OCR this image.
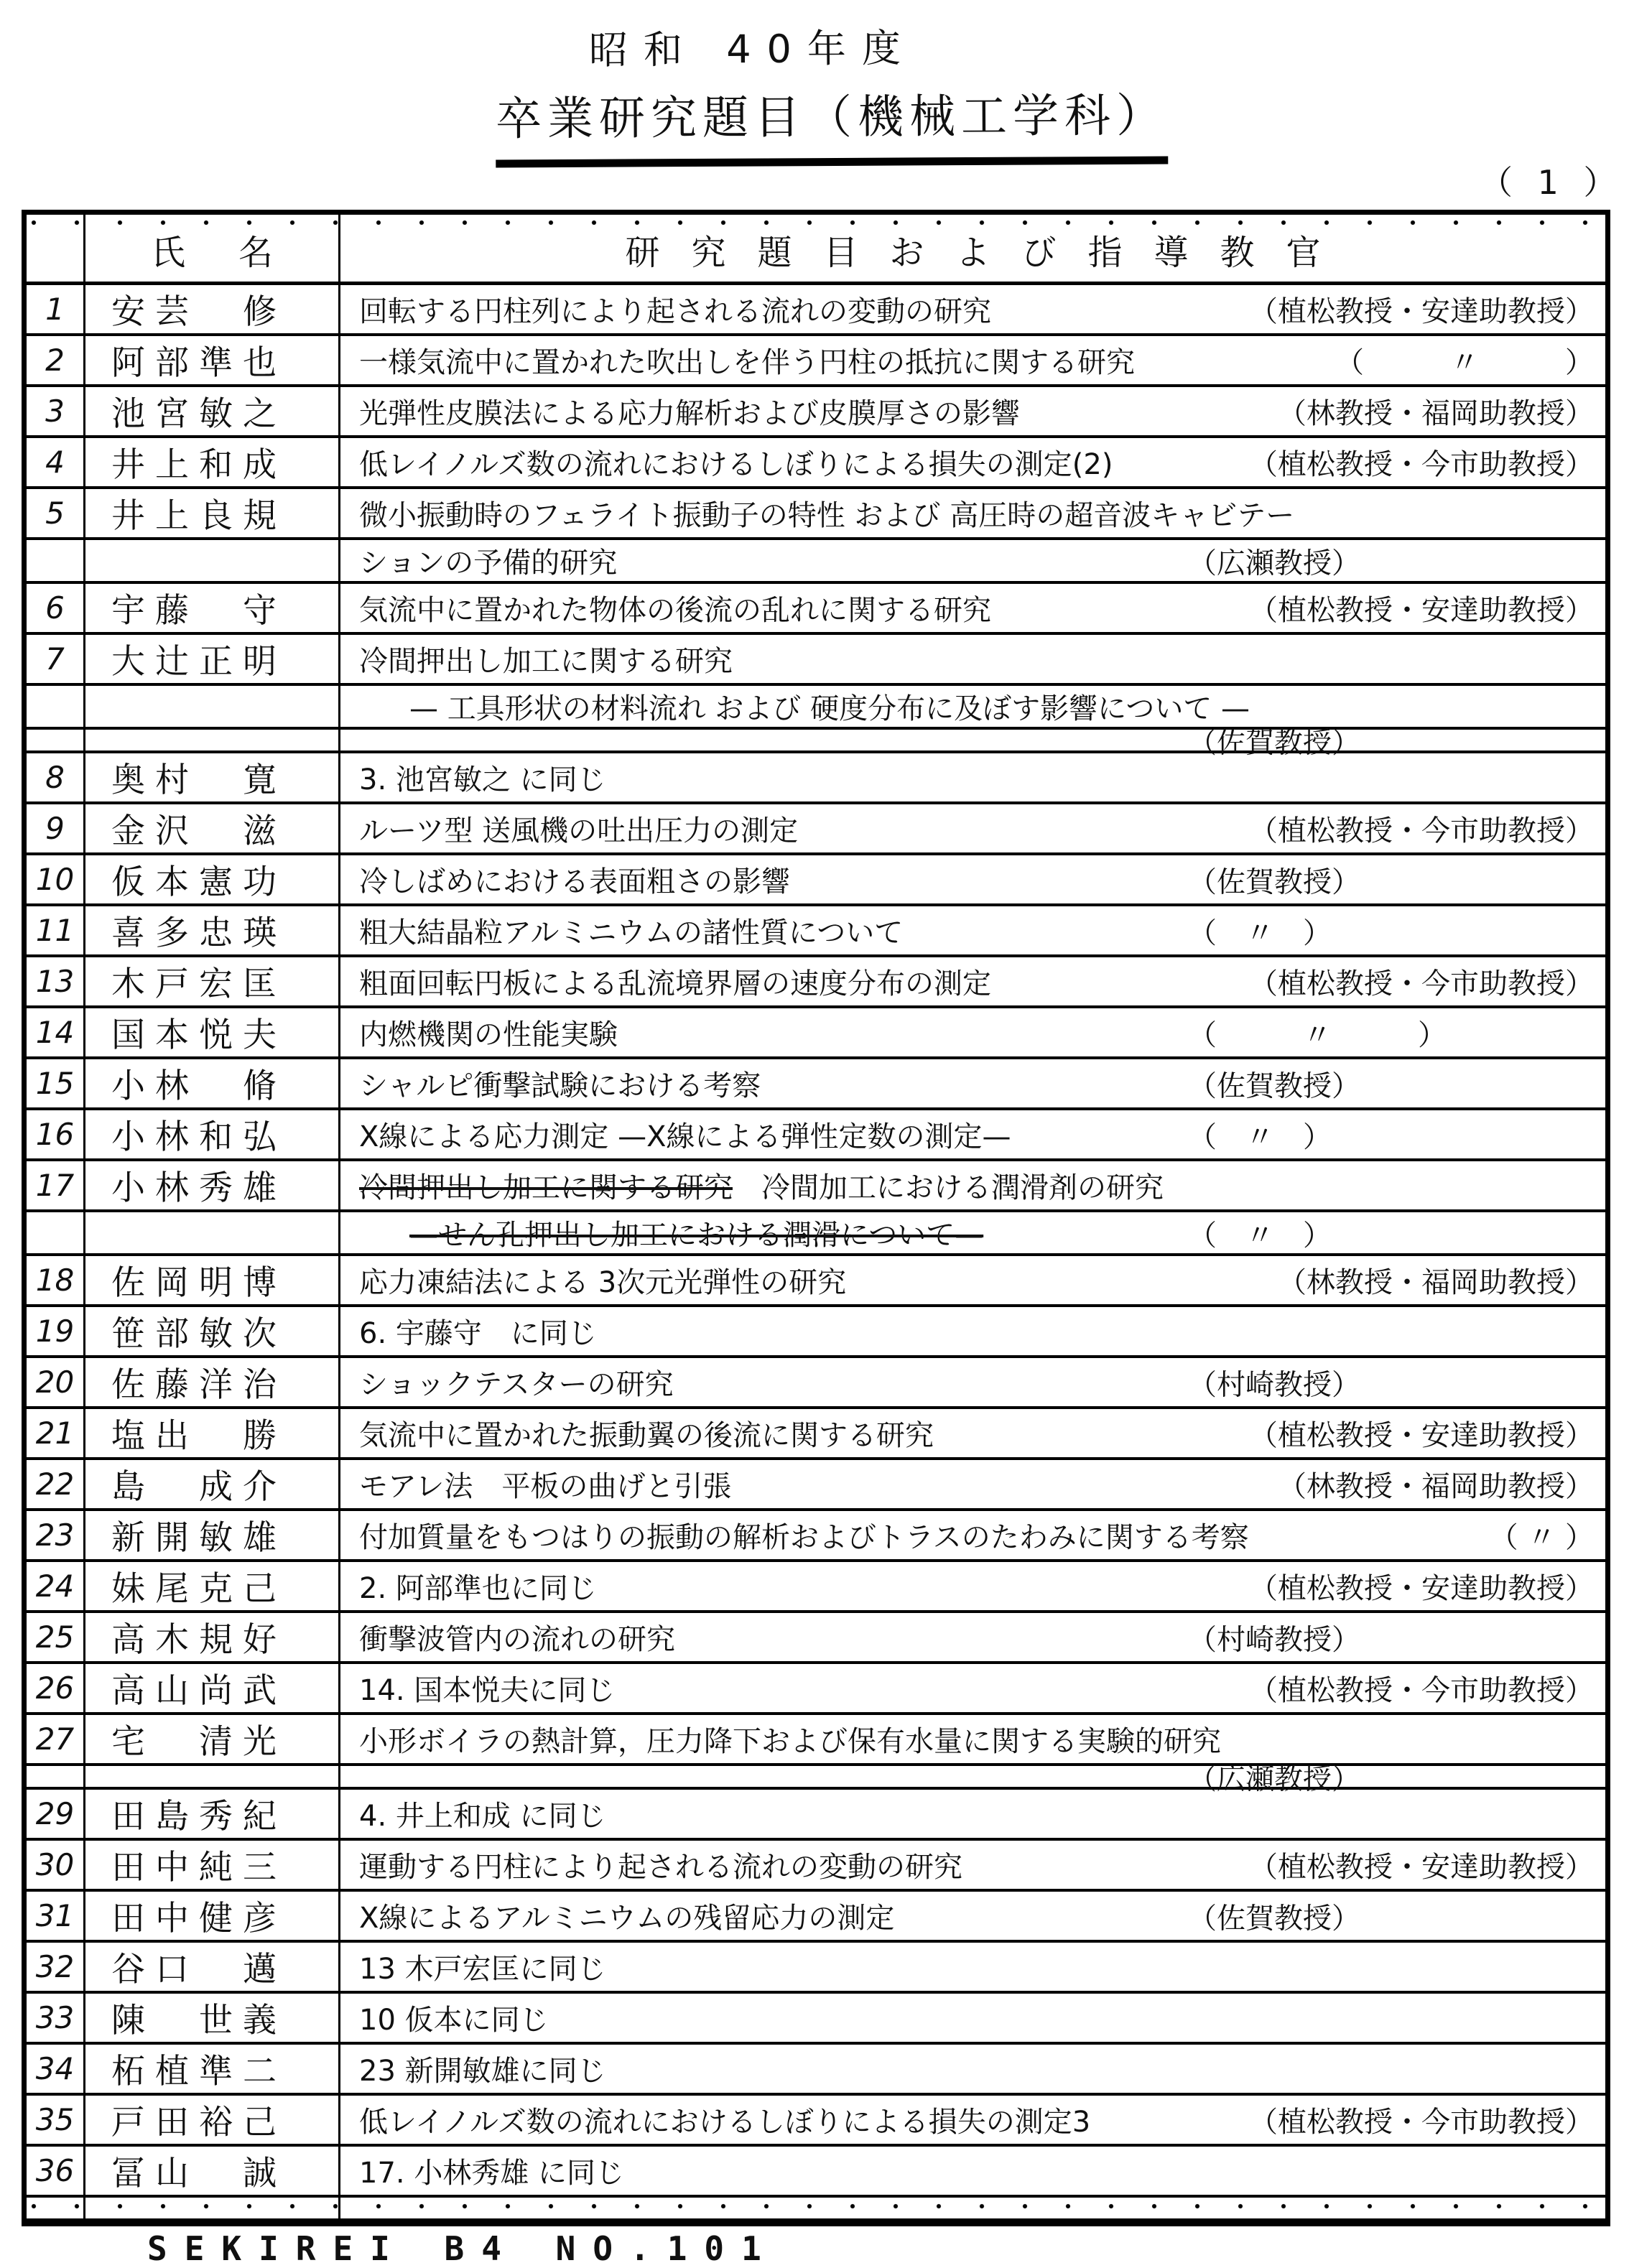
昭和 40年度
卒業研究題目（機械工学科）
（ 1 ）
氏名	研究題目および指導教官
1	安芸　修	回転する円柱列により起される流れの変動の研究	（植松教授・安達助教授）
2	阿部準也	一様気流中に置かれた吹出しを伴う円柱の抵抗に関する研究	（　　　〃　　　）
3	池宮敏之	光弾性皮膜法による応力解析および皮膜厚さの影響	（林教授・福岡助教授）
4	井上和成	低レイノルズ数の流れにおけるしぼりによる損失の測定(2)	（植松教授・今市助教授）
5	井上良規	微小振動時のフェライト振動子の特性 および 高圧時の超音波キャビテー
ションの予備的研究	（広瀬教授）
6	宇藤　守	気流中に置かれた物体の後流の乱れに関する研究	（植松教授・安達助教授）
7	大辻正明	冷間押出し加工に関する研究
— 工具形状の材料流れ および 硬度分布に及ぼす影響について —
（佐賀教授）
8	奥村　寛	3. 池宮敏之 に同じ
9	金沢　滋	ルーツ型 送風機の吐出圧力の測定	（植松教授・今市助教授）
10	仮本憲功	冷しばめにおける表面粗さの影響	（佐賀教授）
11	喜多忠瑛	粗大結晶粒アルミニウムの諸性質について	（　〃　）
13	木戸宏匡	粗面回転円板による乱流境界層の速度分布の測定	（植松教授・今市助教授）
14	国本悦夫	内燃機関の性能実験	（　　　〃　　　）
15	小林　脩	シャルピ衝撃試験における考察	（佐賀教授）
16	小林和弘	X線による応力測定 —X線による弾性定数の測定—	（　〃　）
17	小林秀雄	冷間押出し加工に関する研究 　冷間加工における潤滑剤の研究
—せん孔押出し加工における潤滑について—	（　〃　）
18	佐岡明博	応力凍結法による 3次元光弾性の研究	（林教授・福岡助教授）
19	笹部敏次	6. 宇藤守　に同じ
20	佐藤洋治	ショックテスターの研究	（村崎教授）
21	塩出　勝	気流中に置かれた振動翼の後流に関する研究	（植松教授・安達助教授）
22	島　成介	モアレ法　平板の曲げと引張	（林教授・福岡助教授）
23	新開敏雄	付加質量をもつはりの振動の解析およびトラスのたわみに関する考察	（ 〃 ）
24	妹尾克己	2. 阿部準也に同じ	（植松教授・安達助教授）
25	高木規好	衝撃波管内の流れの研究	（村崎教授）
26	高山尚武	14. 国本悦夫に同じ	（植松教授・今市助教授）
27	宅　清光	小形ボイラの熱計算，圧力降下および保有水量に関する実験的研究
（広瀬教授）
29	田島秀紀	4. 井上和成 に同じ
30	田中純三	運動する円柱により起される流れの変動の研究	（植松教授・安達助教授）
31	田中健彦	X線によるアルミニウムの残留応力の測定	（佐賀教授）
32	谷口　邁	13 木戸宏匡に同じ
33	陳　世義	10 仮本に同じ
34	柘植準二	23 新開敏雄に同じ
35	戸田裕己	低レイノルズ数の流れにおけるしぼりによる損失の測定3	（植松教授・今市助教授）
36	冨山　誠	17. 小林秀雄 に同じ
SEKIREI B4 NO.101
